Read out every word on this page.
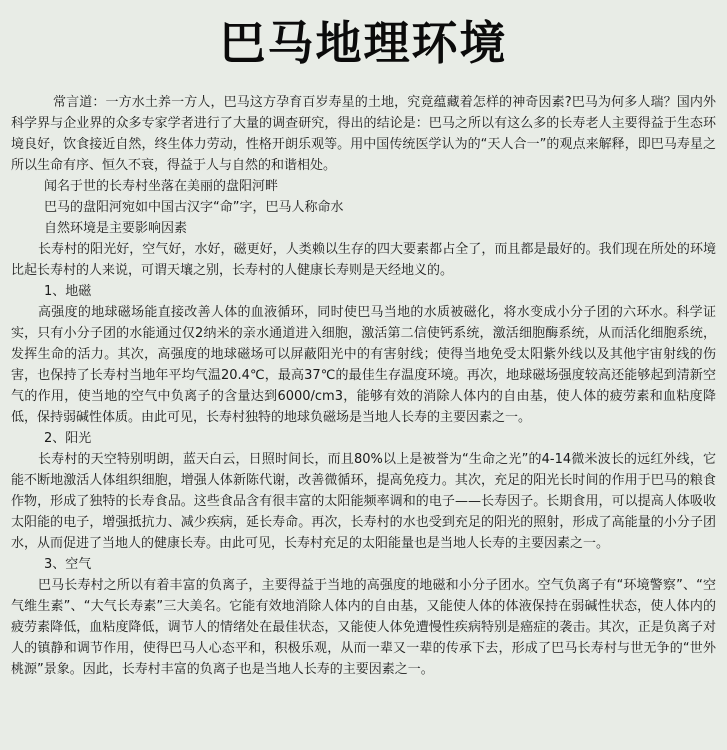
巴马地理环境

常言道：一方水土养一方人，巴马这方孕育百岁寿星的土地，究竟蕴藏着怎样的神奇因素?巴马为何多人瑞？国内外科学界与企业界的众多专家学者进行了大量的调查研究，得出的结论是：巴马之所以有这么多的长寿老人主要得益于生态环境良好，饮食接近自然，终生体力劳动，性格开朗乐观等。用中国传统医学认为的“天人合一”的观点来解释，即巴马寿星之所以生命有序、恒久不衰，得益于人与自然的和谐相处。

闻名于世的长寿村坐落在美丽的盘阳河畔

巴马的盘阳河宛如中国古汉字“命”字，巴马人称命水

自然环境是主要影响因素

长寿村的阳光好，空气好，水好，磁更好，人类赖以生存的四大要素都占全了，而且都是最好的。我们现在所处的环境比起长寿村的人来说，可谓天壤之别，长寿村的人健康长寿则是天经地义的。

1、地磁

高强度的地球磁场能直接改善人体的血液循环，同时使巴马当地的水质被磁化，将水变成小分子团的六环水。科学证实，只有小分子团的水能通过仅2纳米的亲水通道进入细胞，激活第二信使钙系统，激活细胞酶系统，从而活化细胞系统，发挥生命的活力。其次，高强度的地球磁场可以屏蔽阳光中的有害射线；使得当地免受太阳紫外线以及其他宇宙射线的伤害，也保持了长寿村当地年平均气温20.4℃，最高37℃的最佳生存温度环境。再次，地球磁场强度较高还能够起到清新空气的作用，使当地的空气中负离子的含量达到6000/cm3，能够有效的消除人体内的自由基，使人体的疲劳素和血粘度降低，保持弱碱性体质。由此可见，长寿村独特的地球负磁场是当地人长寿的主要因素之一。

2、阳光

长寿村的天空特别明朗，蓝天白云，日照时间长，而且80%以上是被誉为“生命之光”的4-14微米波长的远红外线，它能不断地激活人体组织细胞，增强人体新陈代谢，改善微循环，提高免疫力。其次，充足的阳光长时间的作用于巴马的粮食作物，形成了独特的长寿食品。这些食品含有很丰富的太阳能频率调和的电子——长寿因子。长期食用，可以提高人体吸收太阳能的电子，增强抵抗力、减少疾病，延长寿命。再次，长寿村的水也受到充足的阳光的照射，形成了高能量的小分子团水，从而促进了当地人的健康长寿。由此可见，长寿村充足的太阳能量也是当地人长寿的主要因素之一。

3、空气

巴马长寿村之所以有着丰富的负离子，主要得益于当地的高强度的地磁和小分子团水。空气负离子有“环境警察”、“空气维生素”、“大气长寿素”三大美名。它能有效地消除人体内的自由基，又能使人体的体液保持在弱碱性状态，使人体内的疲劳素降低，血粘度降低，调节人的情绪处在最佳状态，又能使人体免遭慢性疾病特别是癌症的袭击。其次，正是负离子对人的镇静和调节作用，使得巴马人心态平和，积极乐观，从而一辈又一辈的传承下去，形成了巴马长寿村与世无争的“世外桃源”景象。因此，长寿村丰富的负离子也是当地人长寿的主要因素之一。
